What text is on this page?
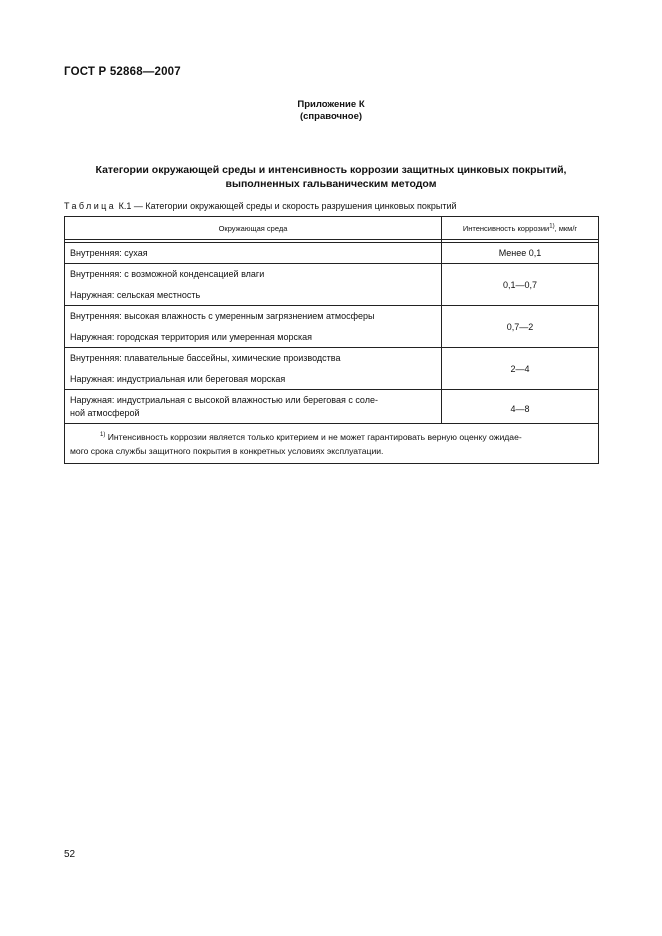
ГОСТ Р 52868—2007
Приложение К
(справочное)
Категории окружающей среды и интенсивность коррозии защитных цинковых покрытий,
выполненных гальваническим методом
Таблица К.1 — Категории окружающей среды и скорость разрушения цинковых покрытий
Окружающая среда	Интенсивность коррозии$^{1)}$, мкм/г

Внутренняя: сухая	Менее 0,1

Внутренняя: с возможной конденсацией влаги
Наружная: сельская местность	0,1—0,7

Внутренняя: высокая влажность с умеренным загрязнением атмосферы
Наружная: городская территория или умеренная морская	0,7—2

Внутренняя: плавательные бассейны, химические производства
Наружная: индустриальная или береговая морская	2—4

Наружная: индустриальная с высокой влажностью или береговая с соле-
ной атмосферой	4—8

$^{1)}$ Интенсивность коррозии является только критерием и не может гарантировать верную оценку ожидае-
мого срока службы защитного покрытия в конкретных условиях эксплуатации.	
52
